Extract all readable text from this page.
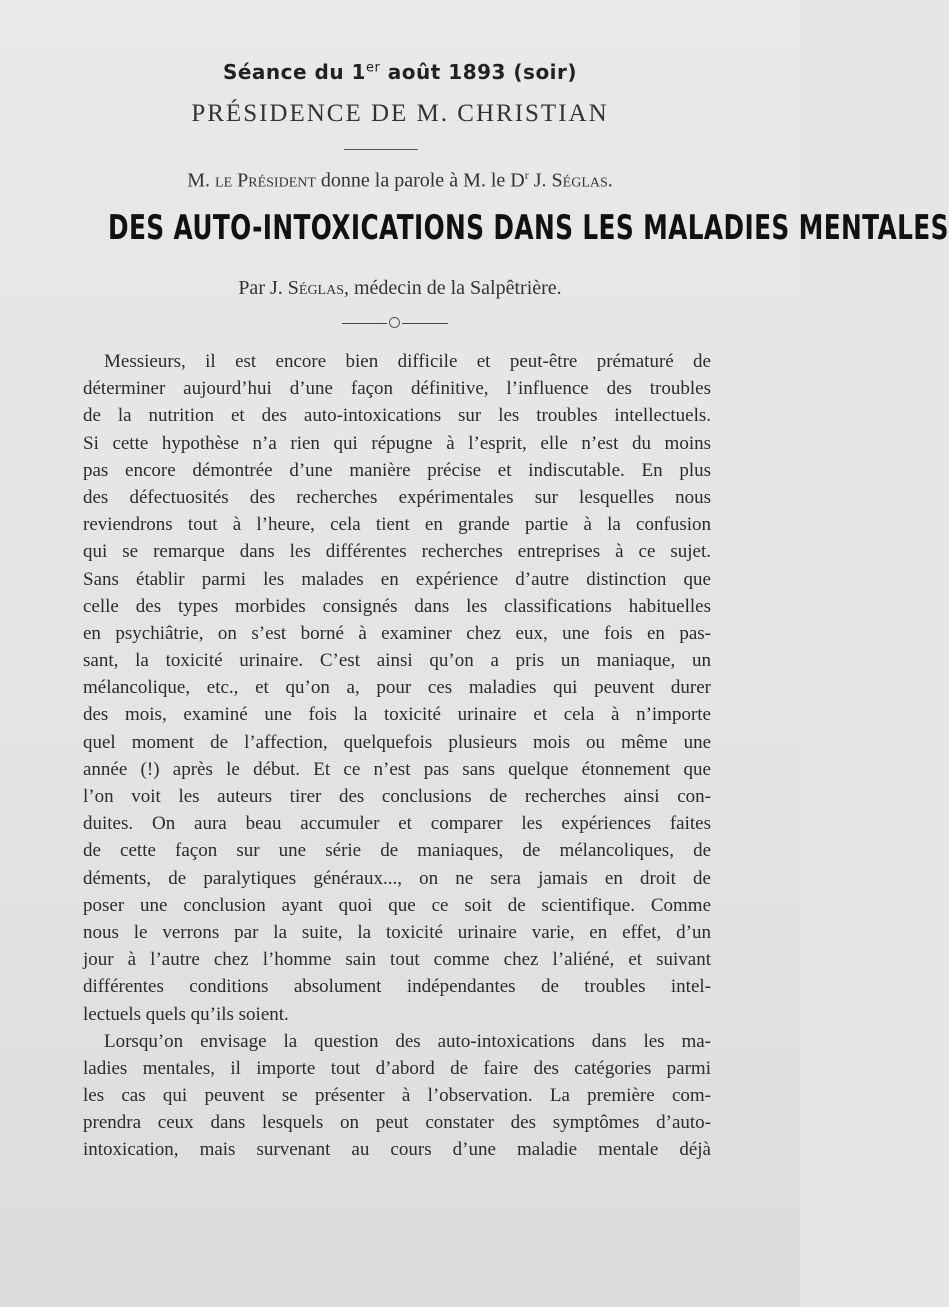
Séance du 1er août 1893 (soir)
PRÉSIDENCE DE M. CHRISTIAN
M. le Président donne la parole à M. le $D^r$ J. Séglas.
DES AUTO-INTOXICATIONS DANS LES MALADIES MENTALES
Par J. Séglas, médecin de la Salpêtrière.
Messieurs, il est encore bien difficile et peut-être prématuré de
déterminer aujourd’hui d’une façon définitive, l’influence des troubles
de la nutrition et des auto-intoxications sur les troubles intellectuels.
Si cette hypothèse n’a rien qui répugne à l’esprit, elle n’est du moins
pas encore démontrée d’une manière précise et indiscutable. En plus
des défectuosités des recherches expérimentales sur lesquelles nous
reviendrons tout à l’heure, cela tient en grande partie à la confusion
qui se remarque dans les différentes recherches entreprises à ce sujet.
Sans établir parmi les malades en expérience d’autre distinction que
celle des types morbides consignés dans les classifications habituelles
en psychiâtrie, on s’est borné à examiner chez eux, une fois en pas-
sant, la toxicité urinaire. C’est ainsi qu’on a pris un maniaque, un
mélancolique, etc., et qu’on a, pour ces maladies qui peuvent durer
des mois, examiné une fois la toxicité urinaire et cela à n’importe
quel moment de l’affection, quelquefois plusieurs mois ou même une
année (!) après le début. Et ce n’est pas sans quelque étonnement que
l’on voit les auteurs tirer des conclusions de recherches ainsi con-
duites. On aura beau accumuler et comparer les expériences faites
de cette façon sur une série de maniaques, de mélancoliques, de
déments, de paralytiques généraux..., on ne sera jamais en droit de
poser une conclusion ayant quoi que ce soit de scientifique. Comme
nous le verrons par la suite, la toxicité urinaire varie, en effet, d’un
jour à l’autre chez l’homme sain tout comme chez l’aliéné, et suivant
différentes conditions absolument indépendantes de troubles intel-
lectuels quels qu’ils soient.
Lorsqu’on envisage la question des auto-intoxications dans les ma-
ladies mentales, il importe tout d’abord de faire des catégories parmi
les cas qui peuvent se présenter à l’observation. La première com-
prendra ceux dans lesquels on peut constater des symptômes d’auto-
intoxication, mais survenant au cours d’une maladie mentale déjà
